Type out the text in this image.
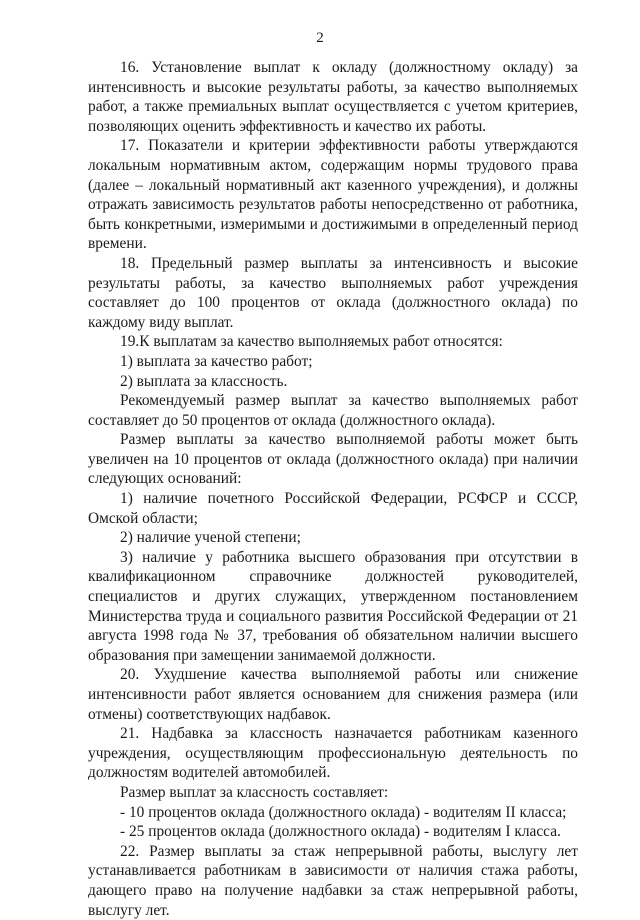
2

16. Установление выплат к окладу (должностному окладу) за интенсивность и высокие результаты работы, за качество выполняемых работ, а также премиальных выплат осуществляется с учетом критериев, позволяющих оценить эффективность и качество их работы.

17. Показатели и критерии эффективности работы утверждаются локальным нормативным актом, содержащим нормы трудового права (далее – локальный нормативный акт казенного учреждения), и должны отражать зависимость результатов работы непосредственно от работника, быть конкретными, измеримыми и достижимыми в определенный период времени.

18. Предельный размер выплаты за интенсивность и высокие результаты работы, за качество выполняемых работ учреждения составляет до 100 процентов от оклада (должностного оклада) по каждому виду выплат.

19.К выплатам за качество выполняемых работ относятся:

1) выплата за качество работ;

2) выплата за классность.

Рекомендуемый размер выплат за качество выполняемых работ составляет до 50 процентов от оклада (должностного оклада).

Размер выплаты за качество выполняемой работы может быть увеличен на 10 процентов от оклада (должностного оклада) при наличии следующих оснований:

1) наличие почетного Российской Федерации, РСФСР и СССР, Омской области;

2) наличие ученой степени;

3) наличие у работника высшего образования при отсутствии в квалификационном справочнике должностей руководителей, специалистов и других служащих, утвержденном постановлением Министерства труда и социального развития Российской Федерации от 21 августа 1998 года № 37, требования об обязательном наличии высшего образования при замещении занимаемой должности.

20. Ухудшение качества выполняемой работы или снижение интенсивности работ является основанием для снижения размера (или отмены) соответствующих надбавок.

21. Надбавка за классность назначается работникам казенного учреждения, осуществляющим профессиональную деятельность по должностям водителей автомобилей.

Размер выплат за классность составляет:

- 10 процентов оклада (должностного оклада) - водителям II класса;

- 25 процентов оклада (должностного оклада) - водителям I класса.

22. Размер выплаты за стаж непрерывной работы, выслугу лет устанавливается работникам в зависимости от наличия стажа работы, дающего право на получение надбавки за стаж непрерывной работы, выслугу лет.
